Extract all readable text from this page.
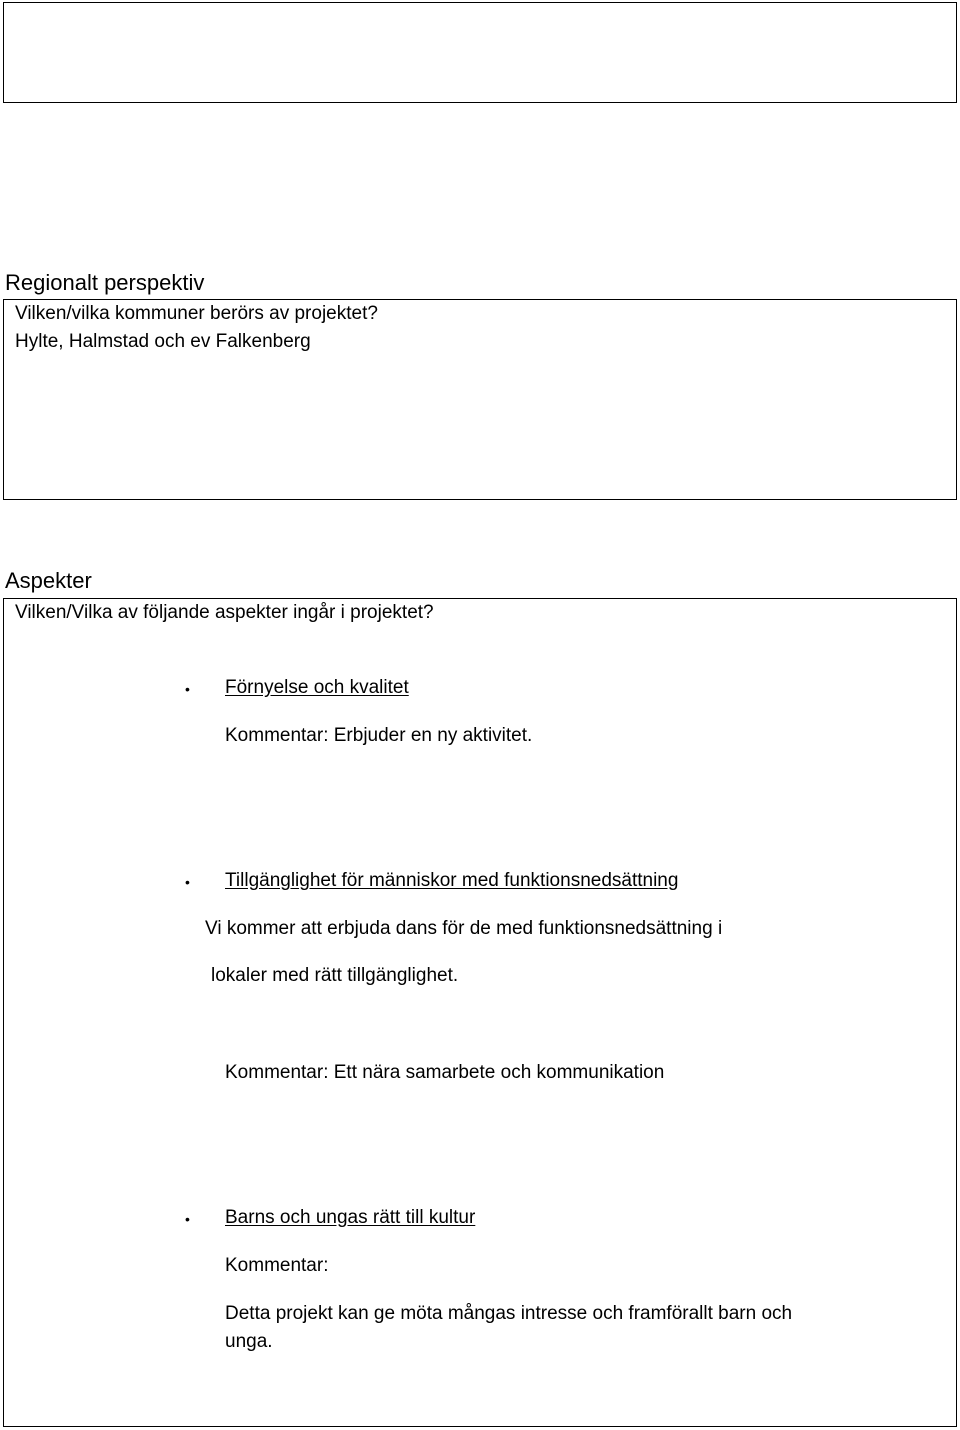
Regionalt perspektiv
Vilken/vilka kommuner berörs av projektet?
Hylte, Halmstad och ev Falkenberg
Aspekter
Vilken/Vilka av följande aspekter ingår i projektet?
• Förnyelse och kvalitet
Kommentar: Erbjuder en ny aktivitet.
• Tillgänglighet för människor med funktionsnedsättning
Vi kommer att erbjuda dans för de med funktionsnedsättning i
lokaler med rätt tillgänglighet.
Kommentar: Ett nära samarbete och kommunikation
• Barns och ungas rätt till kultur
Kommentar:
Detta projekt kan ge möta mångas intresse och framförallt barn och
unga.
